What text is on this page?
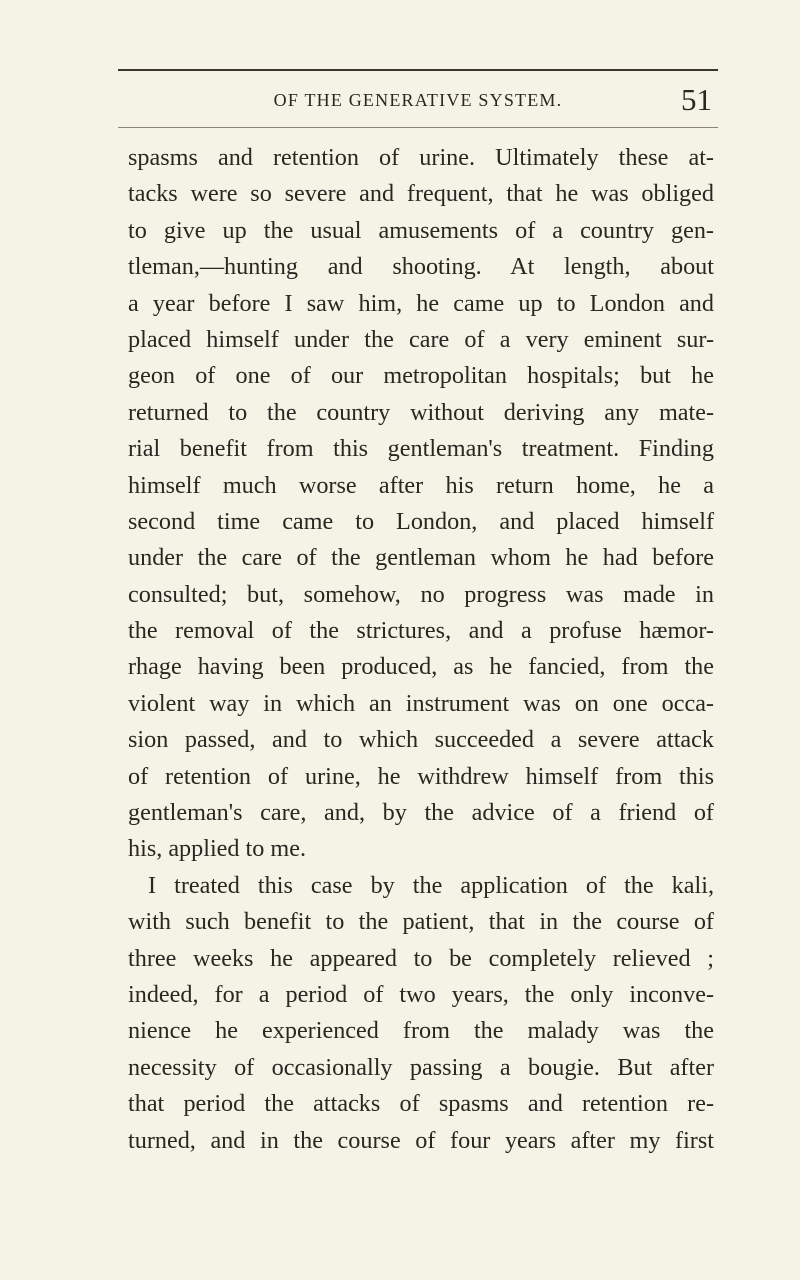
OF THE GENERATIVE SYSTEM.	51
spasms and retention of urine. Ultimately these at-
tacks were so severe and frequent, that he was obliged
to give up the usual amusements of a country gen-
tleman,—hunting and shooting. At length, about
a year before I saw him, he came up to London and
placed himself under the care of a very eminent sur-
geon of one of our metropolitan hospitals; but he
returned to the country without deriving any mate-
rial benefit from this gentleman's treatment. Finding
himself much worse after his return home, he a
second time came to London, and placed himself
under the care of the gentleman whom he had before
consulted; but, somehow, no progress was made in
the removal of the strictures, and a profuse hæmor-
rhage having been produced, as he fancied, from the
violent way in which an instrument was on one occa-
sion passed, and to which succeeded a severe attack
of retention of urine, he withdrew himself from this
gentleman's care, and, by the advice of a friend of
his, applied to me.
I treated this case by the application of the kali,
with such benefit to the patient, that in the course of
three weeks he appeared to be completely relieved ;
indeed, for a period of two years, the only inconve-
nience he experienced from the malady was the
necessity of occasionally passing a bougie. But after
that period the attacks of spasms and retention re-
turned, and in the course of four years after my first
